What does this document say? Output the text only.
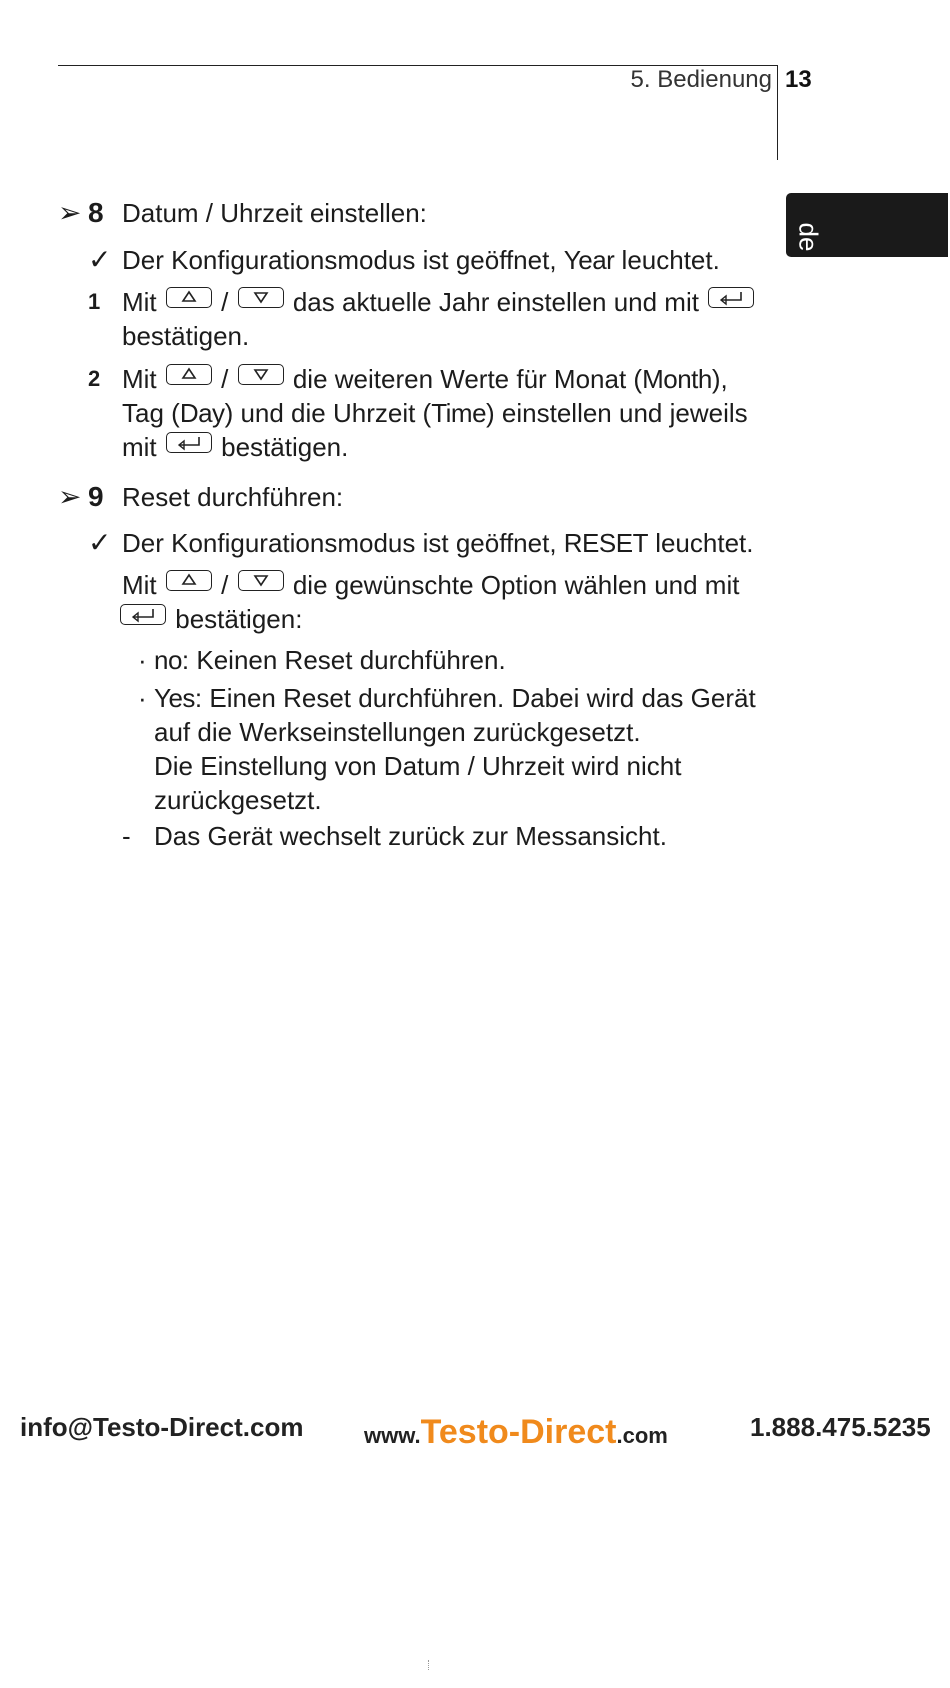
5. Bedienung 13
de
➢ 8 Datum / Uhrzeit einstellen:
✓ Der Konfigurationsmodus ist geöffnet, Year leuchtet.
1 Mit / das aktuelle Jahr einstellen und mit
bestätigen.
2 Mit / die weiteren Werte für Monat (Month),
Tag (Day) und die Uhrzeit (Time) einstellen und jeweils
mit bestätigen.
➢ 9 Reset durchführen:
✓ Der Konfigurationsmodus ist geöffnet, RESET leuchtet.
Mit / die gewünschte Option wählen und mit
bestätigen:
· no: Keinen Reset durchführen.
· Yes: Einen Reset durchführen. Dabei wird das Gerät
auf die Werkseinstellungen zurückgesetzt.
Die Einstellung von Datum / Uhrzeit wird nicht
zurückgesetzt.
- Das Gerät wechselt zurück zur Messansicht.
info@Testo-Direct.com	www.Testo-Direct.com	1.888.475.5235
